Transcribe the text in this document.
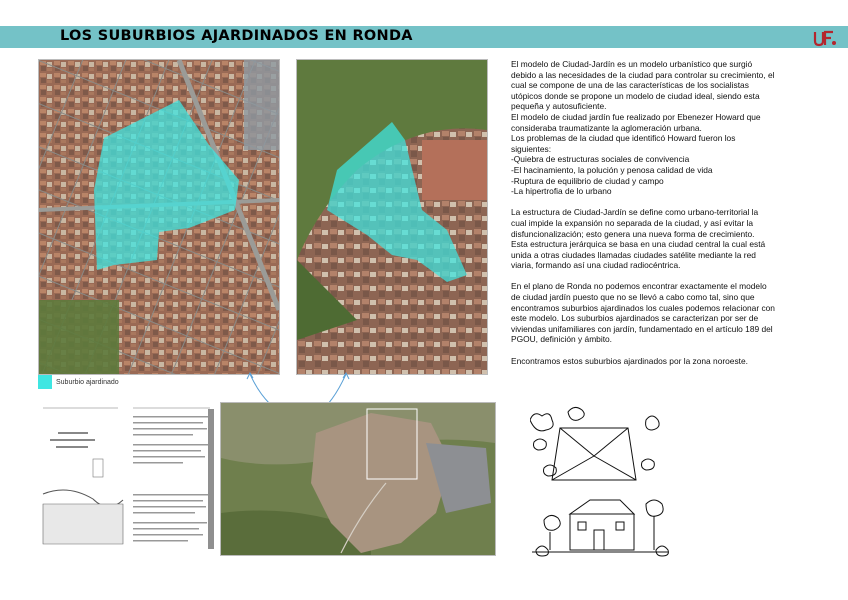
LOS SUBURBIOS AJARDINADOS EN RONDA
Suburbio ajardinado

El modelo de Ciudad-Jardín es un modelo urbanístico que surgió
debido a las necesidades de la ciudad para controlar su crecimiento, el
cual se compone de una de las características de los socialistas
utópicos donde se propone un modelo de ciudad ideal, siendo esta
pequeña y autosuficiente.

El modelo de ciudad jardín fue realizado por Ebenezer Howard que
consideraba traumatizante la aglomeración urbana.

Los problemas de la ciudad que identificó Howard fueron los
siguientes:
-Quiebra de estructuras sociales de convivencia
-El hacinamiento, la polución y penosa calidad de vida
-Ruptura de equilibrio de ciudad y campo
-La hipertrofia de lo urbano

La estructura de Ciudad-Jardín se define como urbano-territorial la
cual impide la expansión no separada de la ciudad, y así evitar la
disfuncionalización; esto genera una nueva forma de crecimiento.
Esta estructura jerárquica se basa en una ciudad central la cual está
unida a otras ciudades llamadas ciudades satélite mediante la red
viaria, formando así una ciudad radiocéntrica.

En el plano de Ronda no podemos encontrar exactamente el modelo
de ciudad jardín puesto que no se llevó a cabo como tal, sino que
encontramos suburbios ajardinados los cuales podemos relacionar con
este modelo. Los suburbios ajardinados se caracterizan por ser de
viviendas unifamiliares con jardín, fundamentado en el artículo 189 del
PGOU, definición y ámbito.

Encontramos estos suburbios ajardinados por la zona noroeste.
